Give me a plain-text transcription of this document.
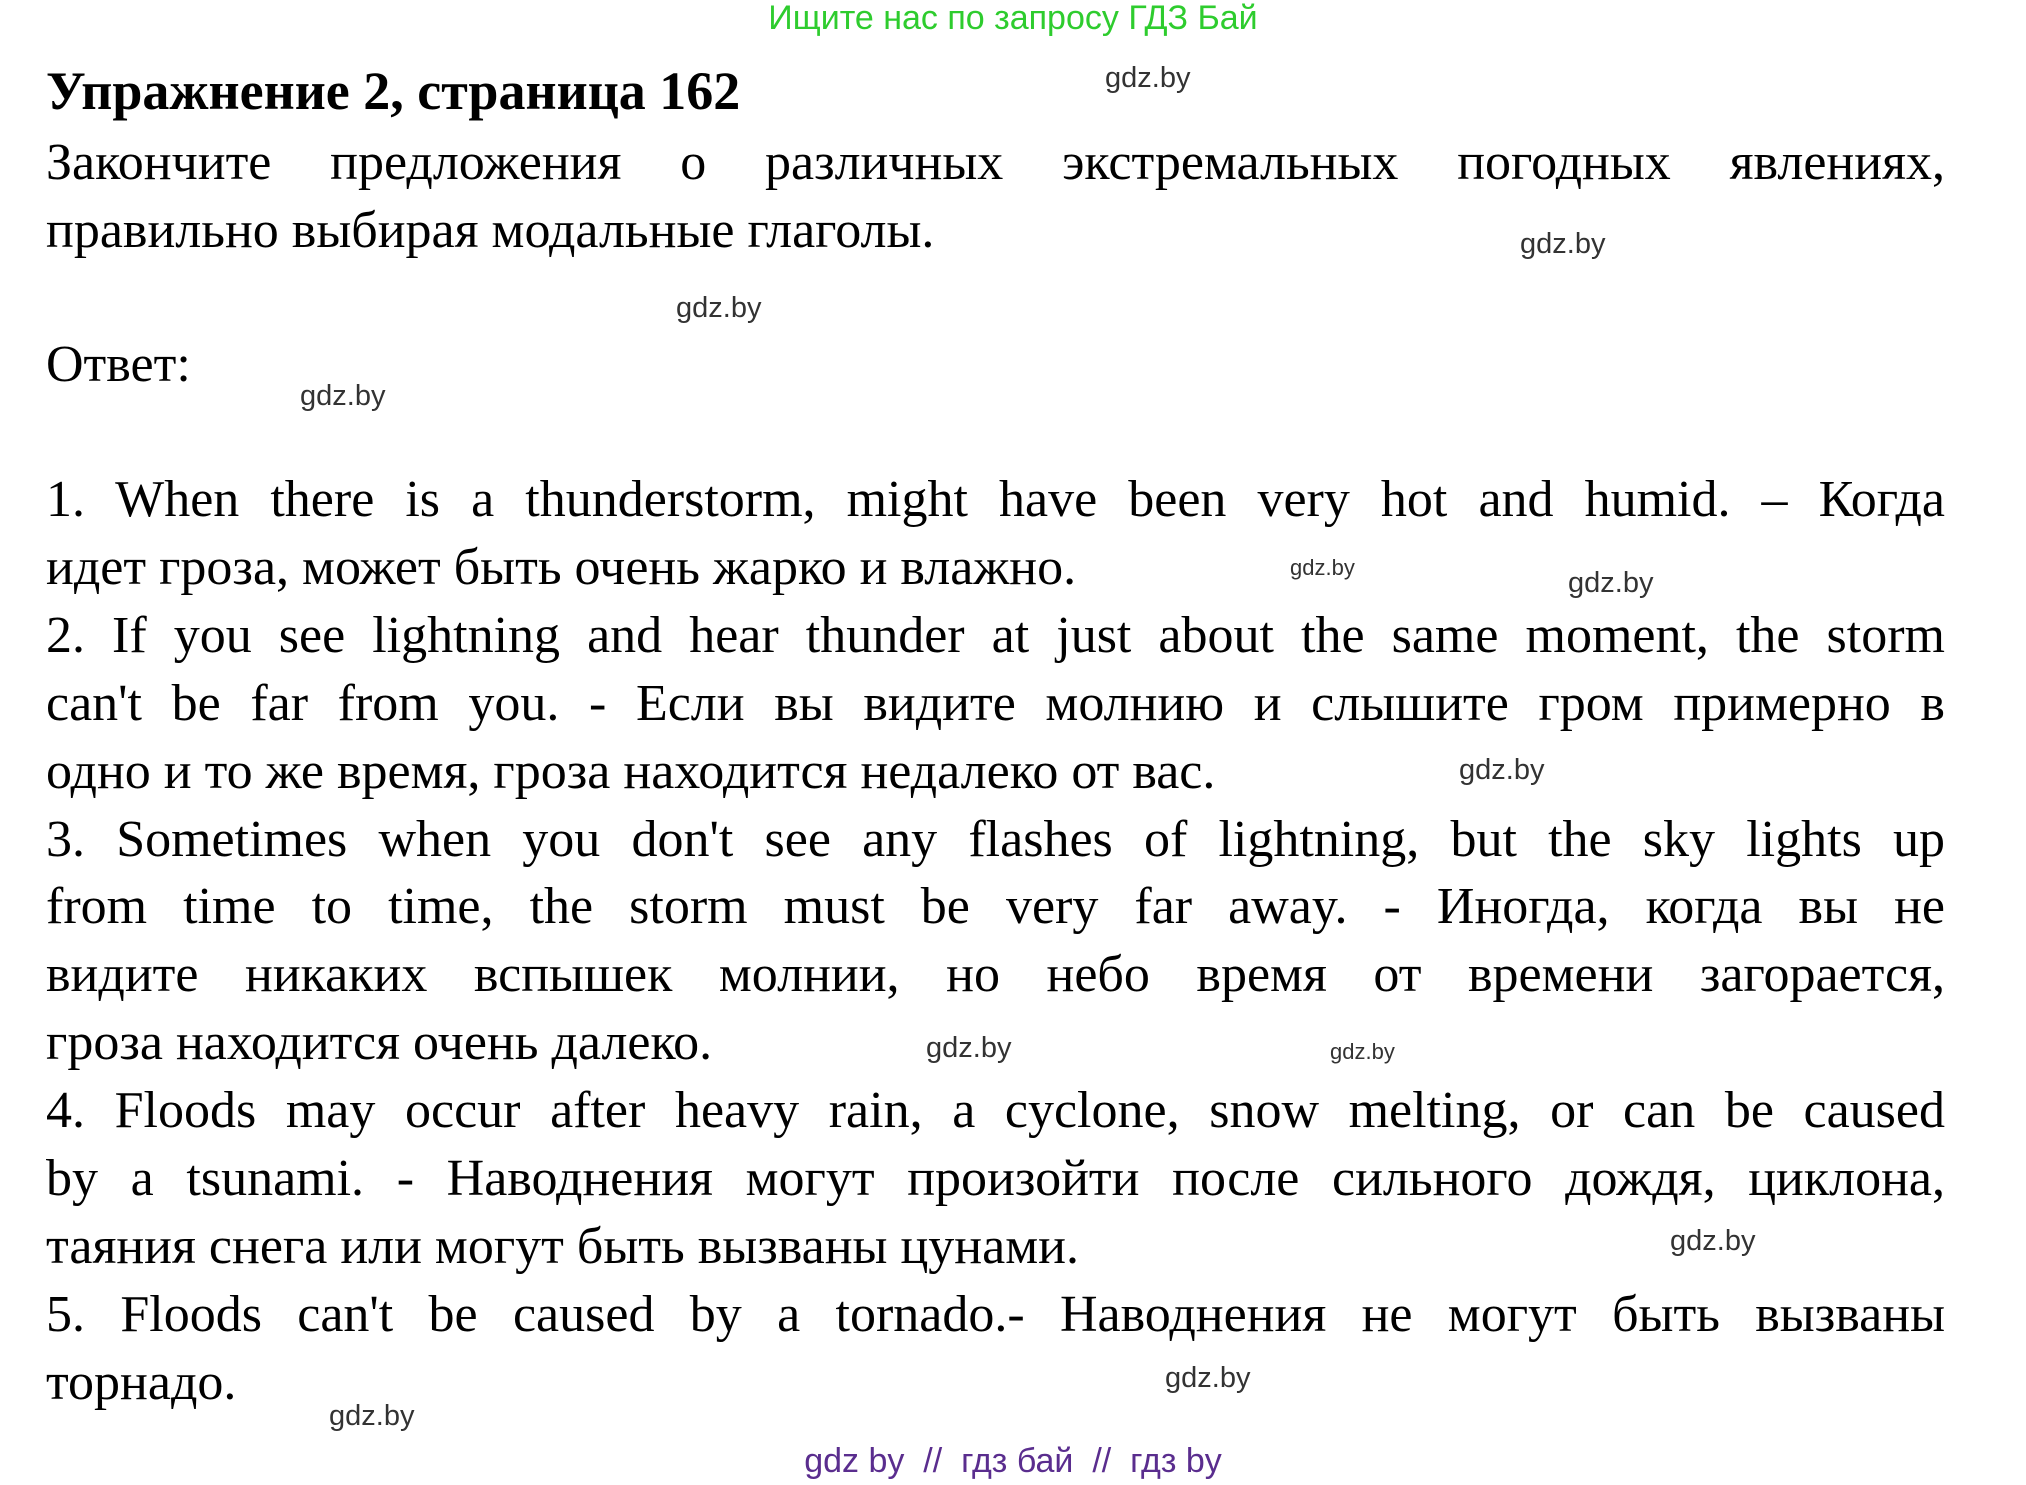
Ищите нас по запросу ГДЗ Бай
Упражнение 2, страница 162
Закончите предложения о различных экстремальных погодных явлениях,
правильно выбирая модальные глаголы.
Ответ:
1. When there is a thunderstorm, might have been very hot and humid. – Когда
идет гроза, может быть очень жарко и влажно.
2. If you see lightning and hear thunder at just about the same moment, the storm
can't be far from you. - Если вы видите молнию и слышите гром примерно в
одно и то же время, гроза находится недалеко от вас.
3. Sometimes when you don't see any flashes of lightning, but the sky lights up
from time to time, the storm must be very far away. - Иногда, когда вы не
видите никаких вспышек молнии, но небо время от времени загорается,
гроза находится очень далеко.
4. Floods may occur after heavy rain, a cyclone, snow melting, or can be caused
by a tsunami. - Наводнения могут произойти после сильного дождя, циклона,
таяния снега или могут быть вызваны цунами.
5. Floods can't be caused by a tornado.- Наводнения не могут быть вызваны
торнадо.
gdz.by
gdz.by
gdz.by
gdz.by
gdz.by	gdz.by
gdz.by
gdz.by
gdz.by
gdz.by
gdz.by
gdz.by
gdz by  //  гдз бай  //  гдз by
